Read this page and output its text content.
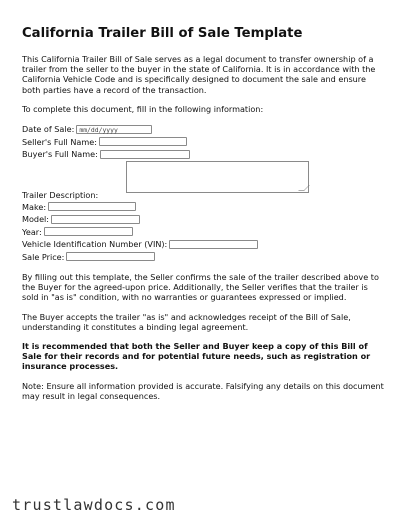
California Trailer Bill of Sale Template

This California Trailer Bill of Sale serves as a legal document to transfer ownership of a trailer from the seller to the buyer in the state of California. It is in accordance with the California Vehicle Code and is specifically designed to document the sale and ensure both parties have a record of the transaction.

To complete this document, fill in the following information:

Date of Sale: mm/dd/yyyy
Seller's Full Name:
Buyer's Full Name:
Trailer Description:
Make:
Model:
Year:
Vehicle Identification Number (VIN):
Sale Price:

By filling out this template, the Seller confirms the sale of the trailer described above to the Buyer for the agreed-upon price. Additionally, the Seller verifies that the trailer is sold in "as is" condition, with no warranties or guarantees expressed or implied.

The Buyer accepts the trailer "as is" and acknowledges receipt of the Bill of Sale, understanding it constitutes a binding legal agreement.

It is recommended that both the Seller and Buyer keep a copy of this Bill of Sale for their records and for potential future needs, such as registration or insurance processes.

Note: Ensure all information provided is accurate. Falsifying any details on this document may result in legal consequences.

trustlawdocs.com
